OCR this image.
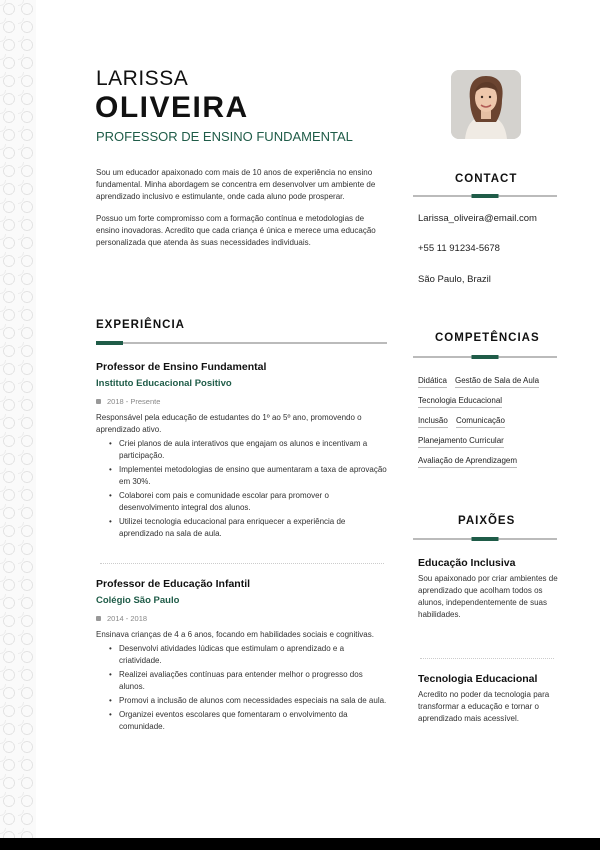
LARISSA
OLIVEIRA
PROFESSOR DE ENSINO FUNDAMENTAL

Sou um educador apaixonado com mais de 10 anos de experiência no ensino fundamental. Minha abordagem se concentra em desenvolver um ambiente de aprendizado inclusivo e estimulante, onde cada aluno pode prosperar.

Possuo um forte compromisso com a formação contínua e metodologias de ensino inovadoras. Acredito que cada criança é única e merece uma educação personalizada que atenda às suas necessidades individuais.

EXPERIÊNCIA
Professor de Ensino Fundamental
Instituto Educacional Positivo
2018 - Presente
Responsável pela educação de estudantes do 1º ao 5º ano, promovendo o aprendizado ativo.
• Criei planos de aula interativos que engajam os alunos e incentivam a participação.
• Implementei metodologias de ensino que aumentaram a taxa de aprovação em 30%.
• Colaborei com pais e comunidade escolar para promover o desenvolvimento integral dos alunos.
• Utilizei tecnologia educacional para enriquecer a experiência de aprendizado na sala de aula.
Professor de Educação Infantil
Colégio São Paulo
2014 - 2018
Ensinava crianças de 4 a 6 anos, focando em habilidades sociais e cognitivas.
• Desenvolvi atividades lúdicas que estimulam o aprendizado e a criatividade.
• Realizei avaliações contínuas para entender melhor o progresso dos alunos.
• Promovi a inclusão de alunos com necessidades especiais na sala de aula.
• Organizei eventos escolares que fomentaram o envolvimento da comunidade.
CONTACT
Larissa_oliveira@email.com
+55 11 91234-5678
São Paulo, Brazil
COMPETÊNCIAS
Didática Gestão de Sala de Aula
Tecnologia Educacional
Inclusão Comunicação
Planejamento Curricular
Avaliação de Aprendizagem
PAIXÕES
Educação Inclusiva
Sou apaixonado por criar ambientes de aprendizado que acolham todos os alunos, independentemente de suas habilidades.
Tecnologia Educacional
Acredito no poder da tecnologia para transformar a educação e tornar o aprendizado mais acessível.
